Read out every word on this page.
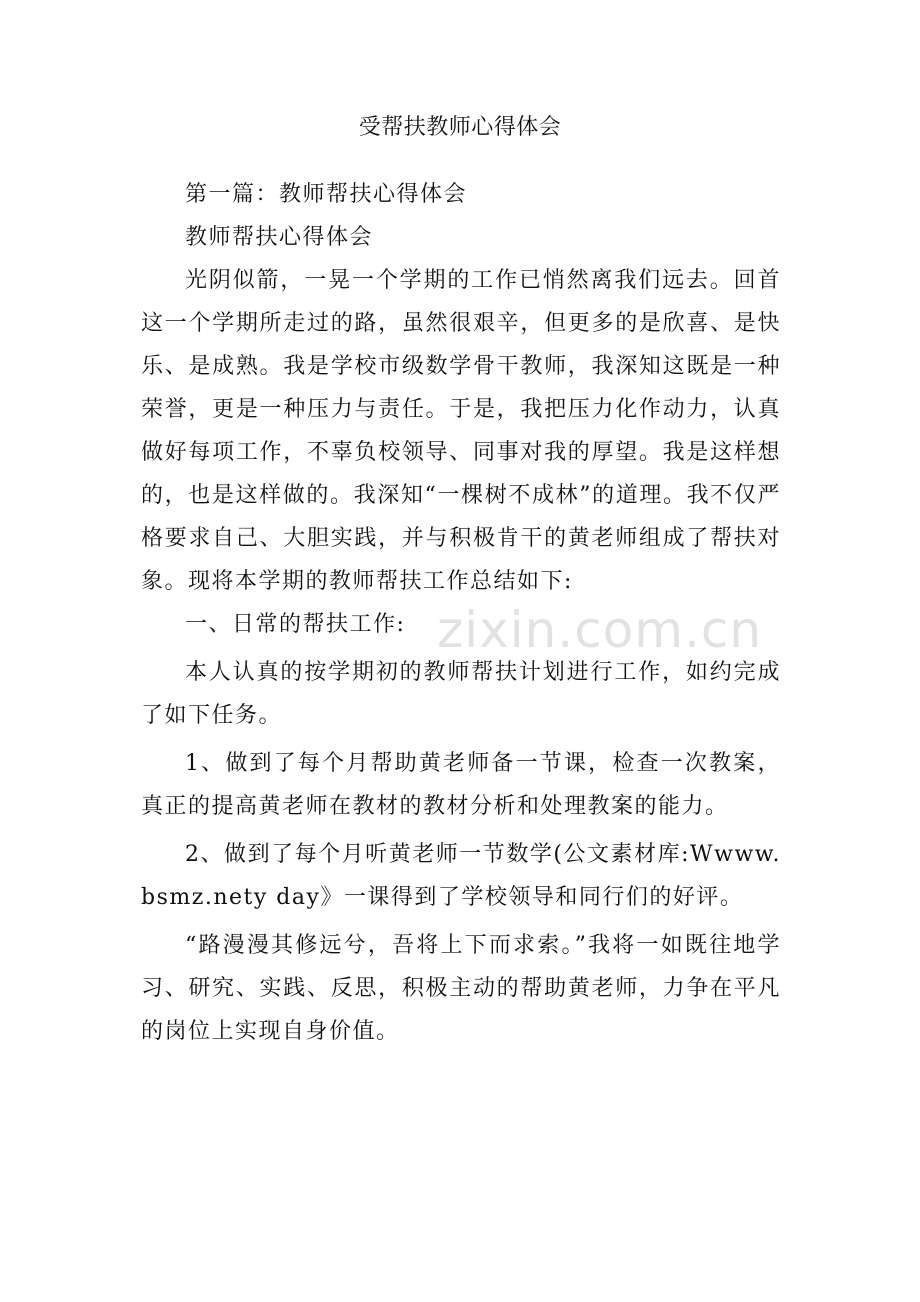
受帮扶教师心得体会

第一篇：教师帮扶心得体会

教师帮扶心得体会

光阴似箭，一晃一个学期的工作已悄然离我们远去。回首这一个学期所走过的路，虽然很艰辛，但更多的是欣喜、是快乐、是成熟。我是学校市级数学骨干教师，我深知这既是一种荣誉，更是一种压力与责任。于是，我把压力化作动力，认真做好每项工作，不辜负校领导、同事对我的厚望。我是这样想的，也是这样做的。我深知“一棵树不成林”的道理。我不仅严格要求自己、大胆实践，并与积极肯干的黄老师组成了帮扶对象。现将本学期的教师帮扶工作总结如下:

一、日常的帮扶工作:

本人认真的按学期初的教师帮扶计划进行工作，如约完成了如下任务。

1、做到了每个月帮助黄老师备一节课，检查一次教案，真正的提高黄老师在教材的教材分析和处理教案的能力。

2、做到了每个月听黄老师一节数学(公文素材库:Wwww.bsmz.nety day》一课得到了学校领导和同行们的好评。

“路漫漫其修远兮，吾将上下而求索。”我将一如既往地学习、研究、实践、反思，积极主动的帮助黄老师，力争在平凡的岗位上实现自身价值。

zixin.com.cn
